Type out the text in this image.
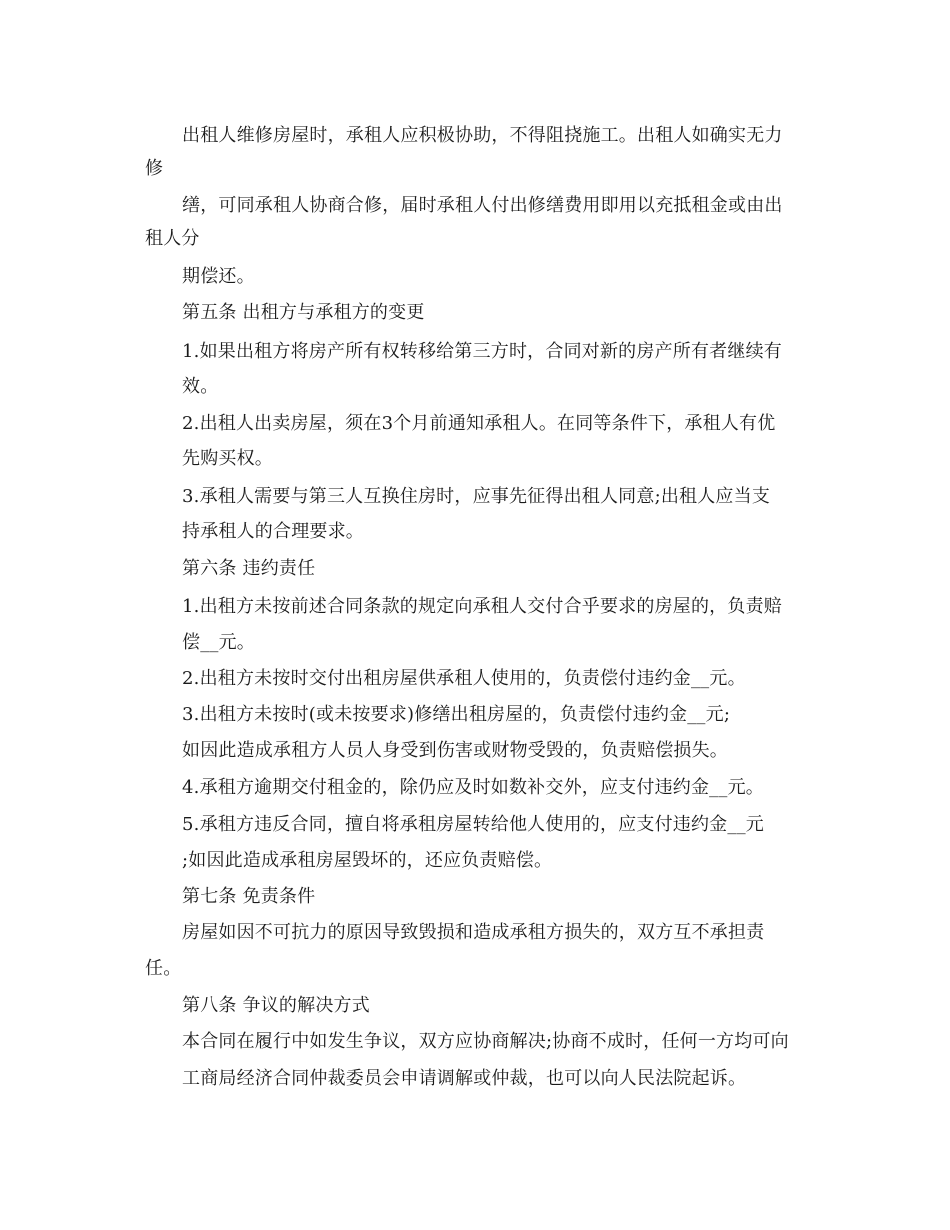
出租人维修房屋时，承租人应积极协助，不得阻挠施工。出租人如确实无力
修
缮，可同承租人协商合修，届时承租人付出修缮费用即用以充抵租金或由出
租人分
期偿还。
第五条 出租方与承租方的变更
1.如果出租方将房产所有权转移给第三方时，合同对新的房产所有者继续有
效。
2.出租人出卖房屋，须在3个月前通知承租人。在同等条件下，承租人有优
先购买权。
3.承租人需要与第三人互换住房时，应事先征得出租人同意;出租人应当支
持承租人的合理要求。
第六条 违约责任
1.出租方未按前述合同条款的规定向承租人交付合乎要求的房屋的，负责赔
偿__元。
2.出租方未按时交付出租房屋供承租人使用的，负责偿付违约金__元。
3.出租方未按时(或未按要求)修缮出租房屋的，负责偿付违约金__元;
如因此造成承租方人员人身受到伤害或财物受毁的，负责赔偿损失。
4.承租方逾期交付租金的，除仍应及时如数补交外，应支付违约金__元。
5.承租方违反合同，擅自将承租房屋转给他人使用的，应支付违约金__元
;如因此造成承租房屋毁坏的，还应负责赔偿。
第七条 免责条件
房屋如因不可抗力的原因导致毁损和造成承租方损失的，双方互不承担责
任。
第八条 争议的解决方式
本合同在履行中如发生争议，双方应协商解决;协商不成时，任何一方均可向
工商局经济合同仲裁委员会申请调解或仲裁，也可以向人民法院起诉。
